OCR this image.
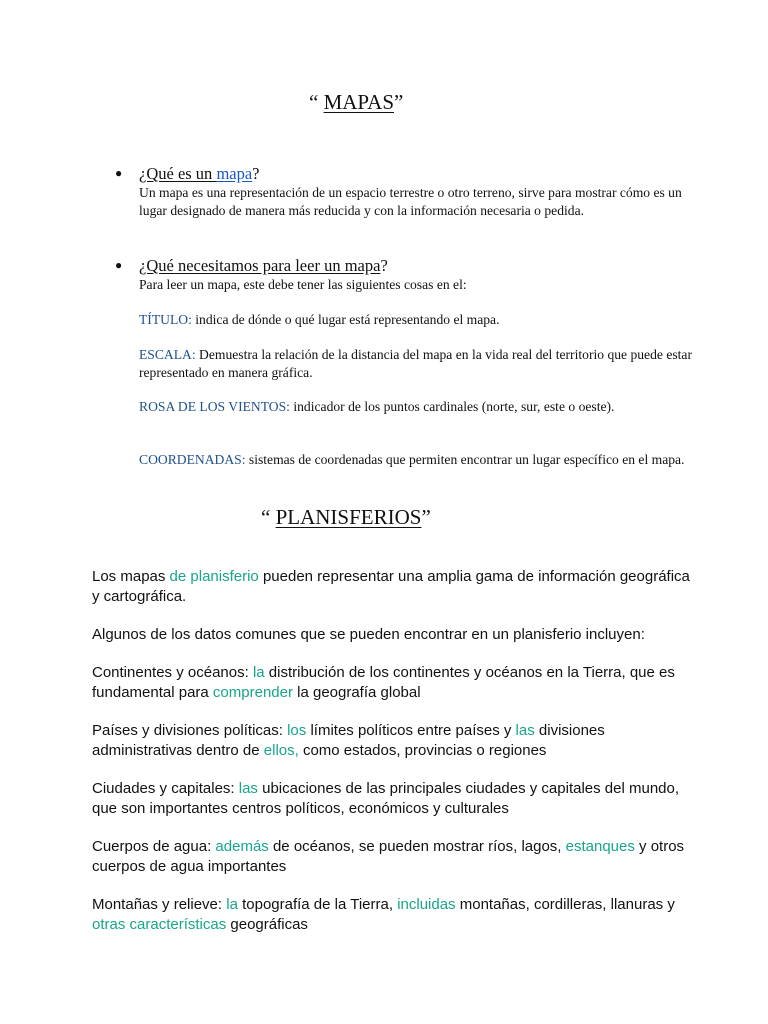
“ MAPAS”
● ¿Qué es un mapa?
Un mapa es una representación de un espacio terrestre o otro terreno, sirve para mostrar cómo es un lugar designado de manera más reducida y con la información necesaria o pedida.
● ¿Qué necesitamos para leer un mapa?
Para leer un mapa, este debe tener las siguientes cosas en el:
TÍTULO: indica de dónde o qué lugar está representando el mapa.
ESCALA: Demuestra la relación de la distancia del mapa en la vida real del territorio que puede estar representado en manera gráfica.
ROSA DE LOS VIENTOS: indicador de los puntos cardinales (norte, sur, este o oeste).
COORDENADAS: sistemas de coordenadas que permiten encontrar un lugar específico en el mapa.
“ PLANISFERIOS”
Los mapas de planisferio pueden representar una amplia gama de información geográfica y cartográfica.
Algunos de los datos comunes que se pueden encontrar en un planisferio incluyen:
Continentes y océanos: la distribución de los continentes y océanos en la Tierra, que es fundamental para comprender la geografía global
Países y divisiones políticas: los límites políticos entre países y las divisiones administrativas dentro de ellos, como estados, provincias o regiones
Ciudades y capitales: las ubicaciones de las principales ciudades y capitales del mundo, que son importantes centros políticos, económicos y culturales
Cuerpos de agua: además de océanos, se pueden mostrar ríos, lagos, estanques y otros cuerpos de agua importantes
Montañas y relieve: la topografía de la Tierra, incluidas montañas, cordilleras, llanuras y otras características geográficas
